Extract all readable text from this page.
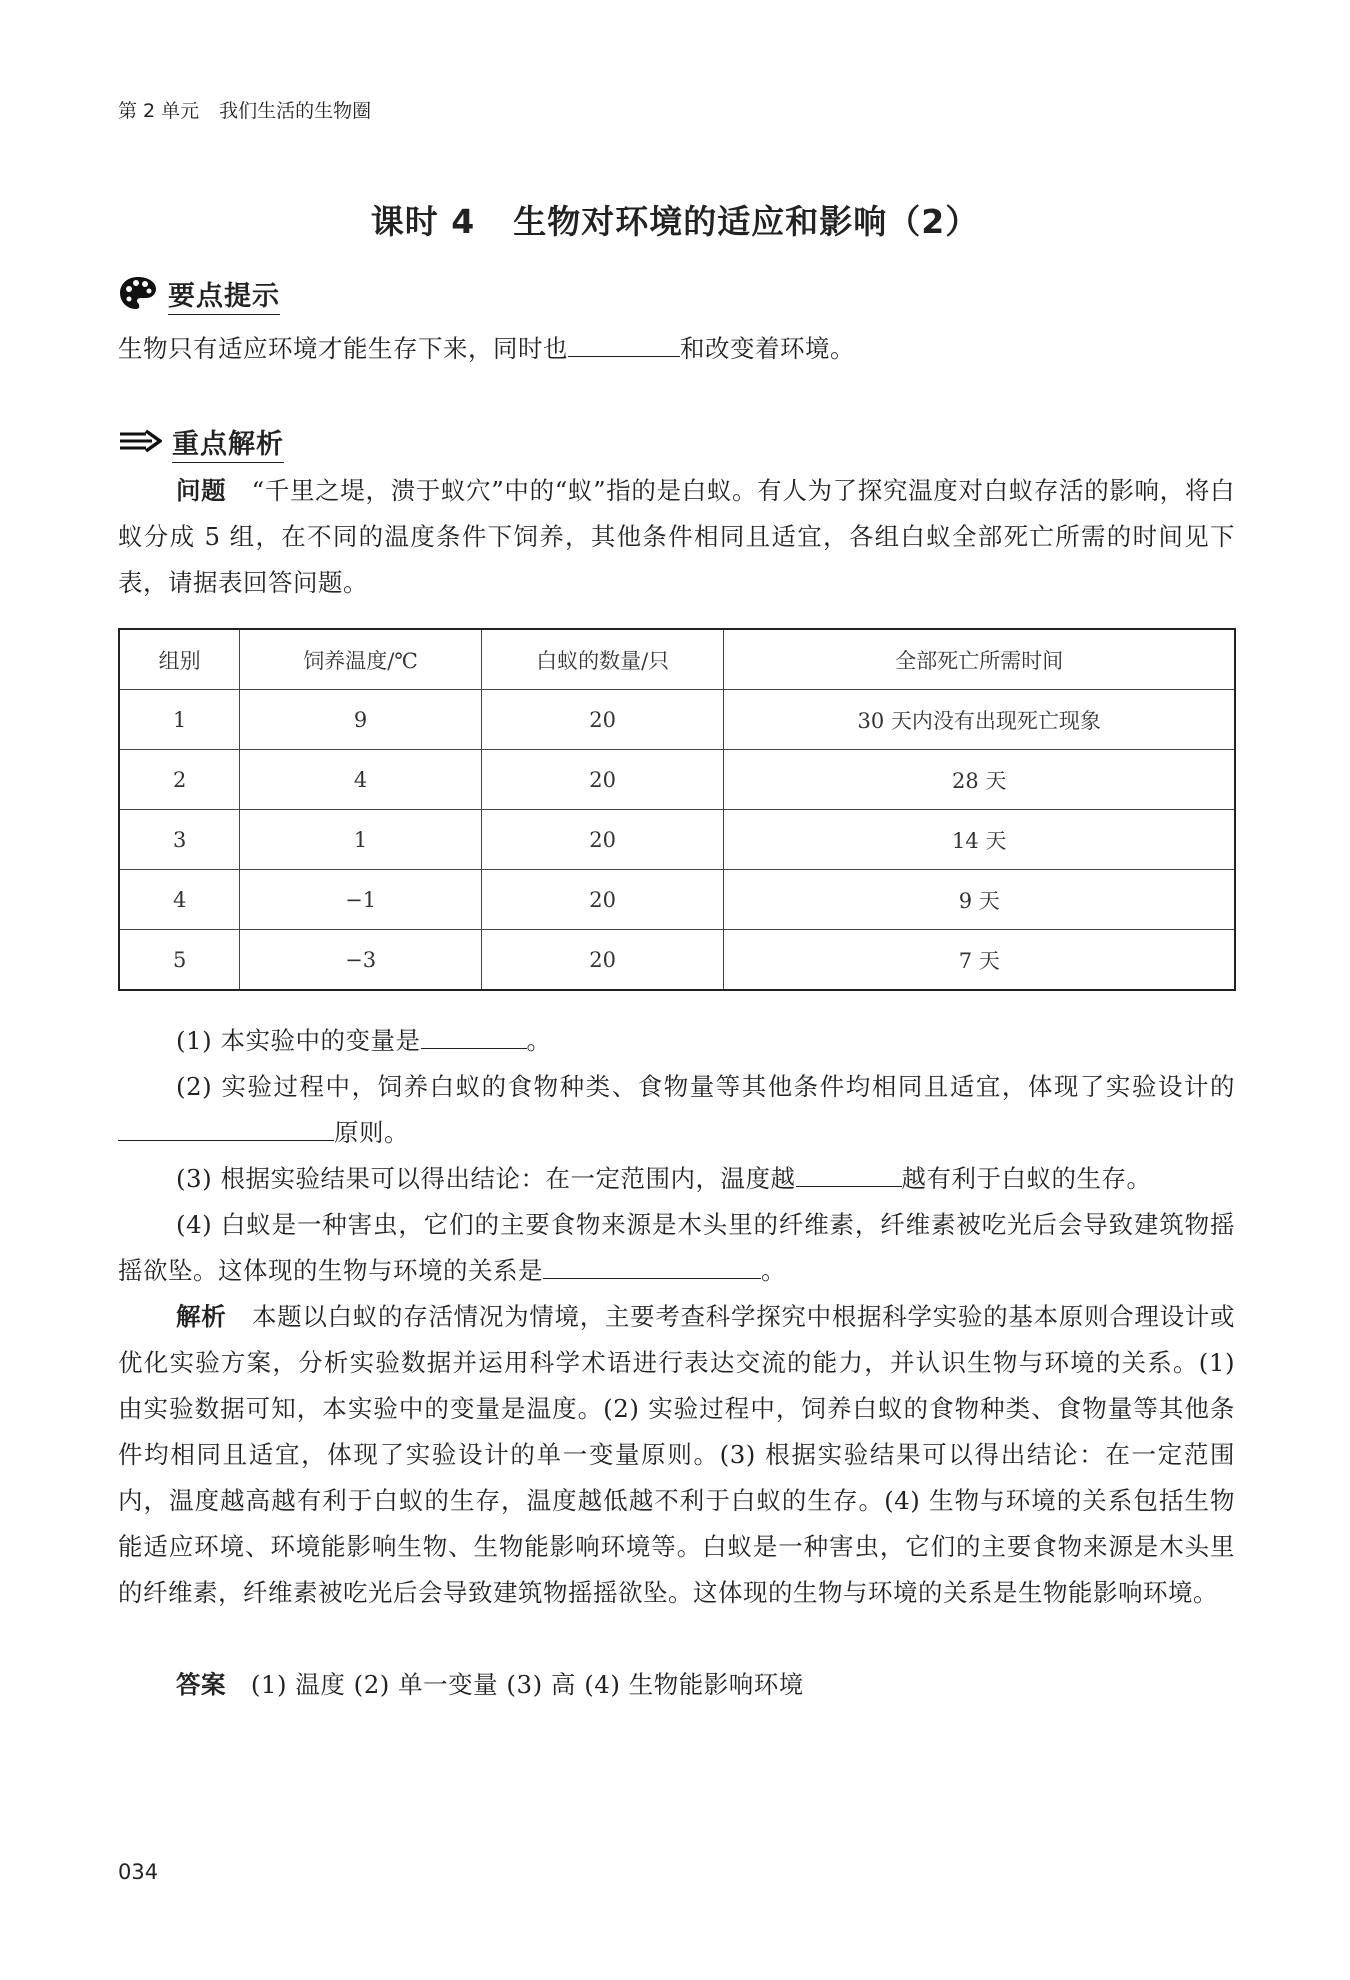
第 2 单元 我们生活的生物圈
课时 4 生物对环境的适应和影响（2）
要点提示
生物只有适应环境才能生存下来，同时也	和改变着环境。
重点解析
问题 “千里之堤，溃于蚁穴”中的“蚁”指的是白蚁。有人为了探究温度对白蚁存活的影响，将白蚁分成 5 组，在不同的温度条件下饲养，其他条件相同且适宜，各组白蚁全部死亡所需的时间见下表，请据表回答问题。
组别	饲养温度/℃	白蚁的数量/只	全部死亡所需时间
1	9	20	30 天内没有出现死亡现象
2	4	20	28 天
3	1	20	14 天
4	−1	20	9 天
5	−3	20	7 天
(1) 本实验中的变量是	。
(2) 实验过程中，饲养白蚁的食物种类、食物量等其他条件均相同且适宜，体现了实验设计的原则。
(3) 根据实验结果可以得出结论：在一定范围内，温度越	越有利于白蚁的生存。
(4) 白蚁是一种害虫，它们的主要食物来源是木头里的纤维素，纤维素被吃光后会导致建筑物摇摇欲坠。这体现的生物与环境的关系是	。
解析 本题以白蚁的存活情况为情境，主要考查科学探究中根据科学实验的基本原则合理设计或优化实验方案，分析实验数据并运用科学术语进行表达交流的能力，并认识生物与环境的关系。(1) 由实验数据可知，本实验中的变量是温度。(2) 实验过程中，饲养白蚁的食物种类、食物量等其他条件均相同且适宜，体现了实验设计的单一变量原则。(3) 根据实验结果可以得出结论：在一定范围内，温度越高越有利于白蚁的生存，温度越低越不利于白蚁的生存。(4) 生物与环境的关系包括生物能适应环境、环境能影响生物、生物能影响环境等。白蚁是一种害虫，它们的主要食物来源是木头里的纤维素，纤维素被吃光后会导致建筑物摇摇欲坠。这体现的生物与环境的关系是生物能影响环境。
答案 (1) 温度 (2) 单一变量 (3) 高 (4) 生物能影响环境
034
